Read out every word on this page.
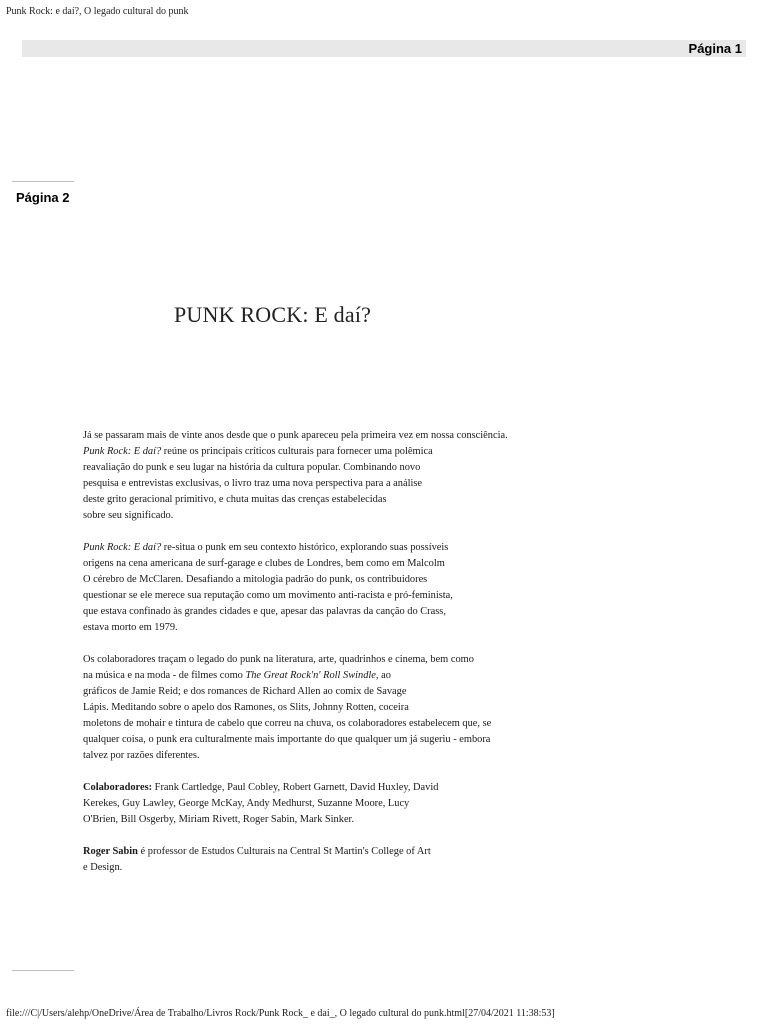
Punk Rock: e daí?, O legado cultural do punk
Página 1
Página 2
PUNK ROCK: E daí?

Já se passaram mais de vinte anos desde que o punk apareceu pela primeira vez em nossa consciência.
Punk Rock: E daí? reúne os principais críticos culturais para fornecer uma polêmica
reavaliação do punk e seu lugar na história da cultura popular. Combinando novo
pesquisa e entrevistas exclusivas, o livro traz uma nova perspectiva para a análise
deste grito geracional primitivo, e chuta muitas das crenças estabelecidas
sobre seu significado.

Punk Rock: E daí? re-situa o punk em seu contexto histórico, explorando suas possíveis
origens na cena americana de surf-garage e clubes de Londres, bem como em Malcolm
O cérebro de McClaren. Desafiando a mitologia padrão do punk, os contribuidores
questionar se ele merece sua reputação como um movimento anti-racista e pró-feminista,
que estava confinado às grandes cidades e que, apesar das palavras da canção do Crass,
estava morto em 1979.

Os colaboradores traçam o legado do punk na literatura, arte, quadrinhos e cinema, bem como
na música e na moda - de filmes como The Great Rock'n' Roll Swindle, ao
gráficos de Jamie Reid; e dos romances de Richard Allen ao comix de Savage
Lápis. Meditando sobre o apelo dos Ramones, os Slits, Johnny Rotten, coceira
moletons de mohair e tintura de cabelo que correu na chuva, os colaboradores estabelecem que, se
qualquer coisa, o punk era culturalmente mais importante do que qualquer um já sugeriu - embora
talvez por razões diferentes.

Colaboradores: Frank Cartledge, Paul Cobley, Robert Garnett, David Huxley, David
Kerekes, Guy Lawley, George McKay, Andy Medhurst, Suzanne Moore, Lucy
O'Brien, Bill Osgerby, Miriam Rivett, Roger Sabin, Mark Sinker.

Roger Sabin é professor de Estudos Culturais na Central St Martin's College of Art
e Design.

file:///C|/Users/alehp/OneDrive/Área de Trabalho/Livros Rock/Punk Rock_ e dai_, O legado cultural do punk.html[27/04/2021 11:38:53]
